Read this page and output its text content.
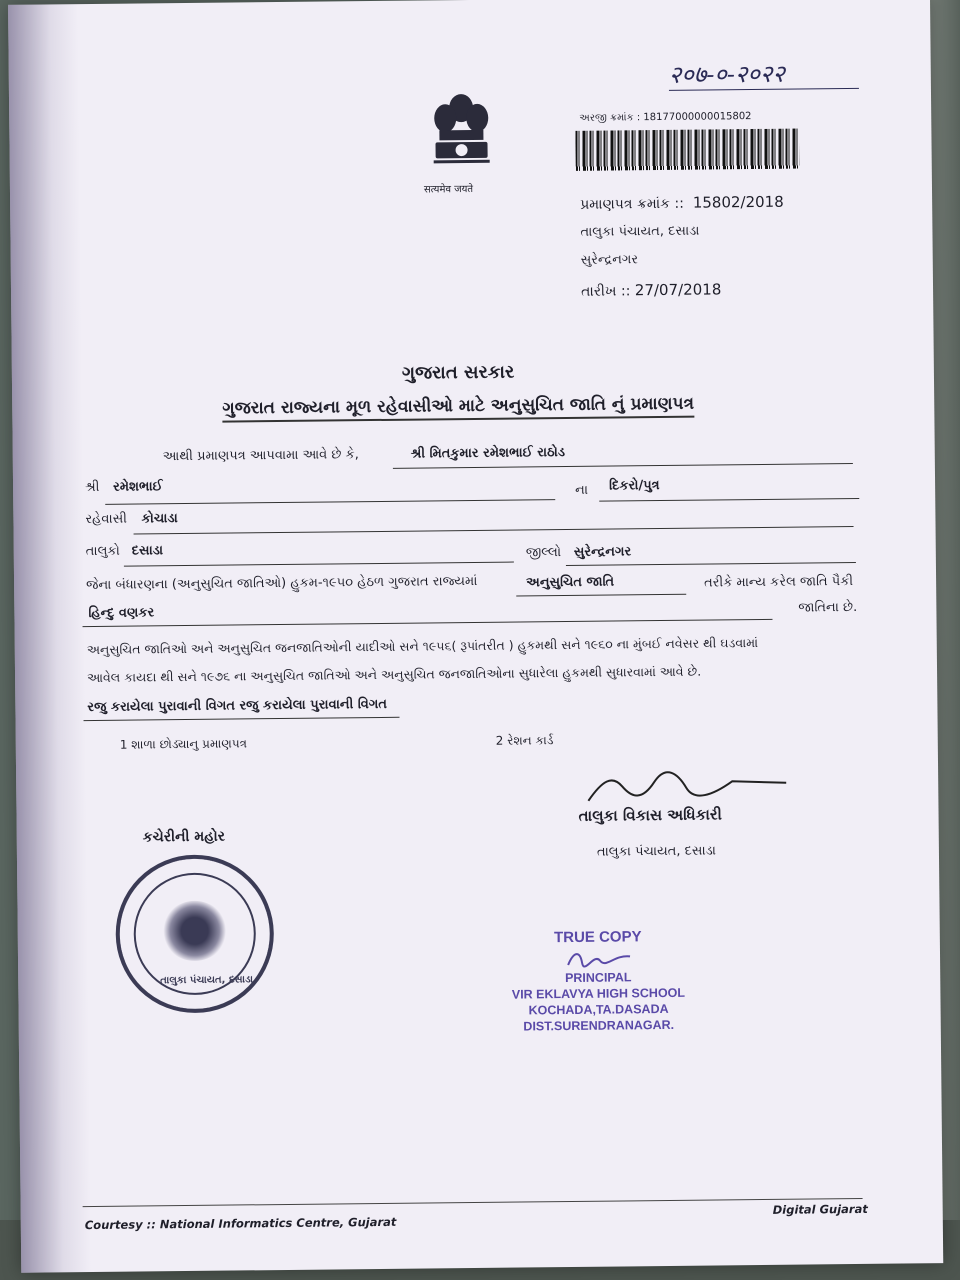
२०७-०-२०२२
सत्यमेव जयते
અરજી ક્રમાંક : 18177000000015802
પ્રમાણપત્ર ક્રમાંક :: 15802/2018
તાલુકા પંચાયત, દસાડા
સુરેન્દ્રનગર
તારીખ :: 27/07/2018
ગુજરાત સરકાર
ગુજરાત રાજ્યના મૂળ રહેવાસીઓ માટે અનુસુચિત જાતિ નું પ્રમાણપત્ર
આથી પ્રમાણપત્ર આપવામા આવે છે કે,	શ્રી મિતકુમાર રમેશભાઈ રાઠોડ
શ્રી રમેશભાઈ	ના દિકરો/પુત્ર
રહેવાસી કોચાડા
તાલુકો દસાડા	જીલ્લો સુરેન્દ્રનગર
જેના બંધારણના (અનુસુચિત જાતિઓ) હુકમ-૧૯૫૦ હેઠળ ગુજરાત રાજ્યમાં	અનુસુચિત જાતિ	તરીકે માન્ય કરેલ જાતિ પૈકી
હિન્દુ વણકર	જાતિના છે.
અનુસુચિત જાતિઓ અને અનુસુચિત જનજાતિઓની યાદીઓ સને ૧૯૫૬( રૂપાંતરીત ) હુકમથી સને ૧૯૬૦ ના મુંબઈ નવેસર થી ઘડવામાં
આવેલ કાયદા થી સને ૧૯૭૬ ના અનુસુચિત જાતિઓ અને અનુસુચિત જનજાતિઓના સુધારેલા હુકમથી સુધારવામાં આવે છે.
રજુ કરાયેલા પુરાવાની વિગત રજુ કરાયેલા પુરાવાની વિગત
1 શાળા છોડ્યાનુ પ્રમાણપત્ર	2 રેશન કાર્ડ
તાલુકા વિકાસ અધિકારી
તાલુકા પંચાયત, દસાડા
કચેરીની મહોર
તાલુકા પંચાયત, દસાડા
TRUE COPY
PRINCIPAL
VIR EKLAVYA HIGH SCHOOL
KOCHADA,TA.DASADA
DIST.SURENDRANAGAR.
Courtesy :: National Informatics Centre, Gujarat
Digital Gujarat
